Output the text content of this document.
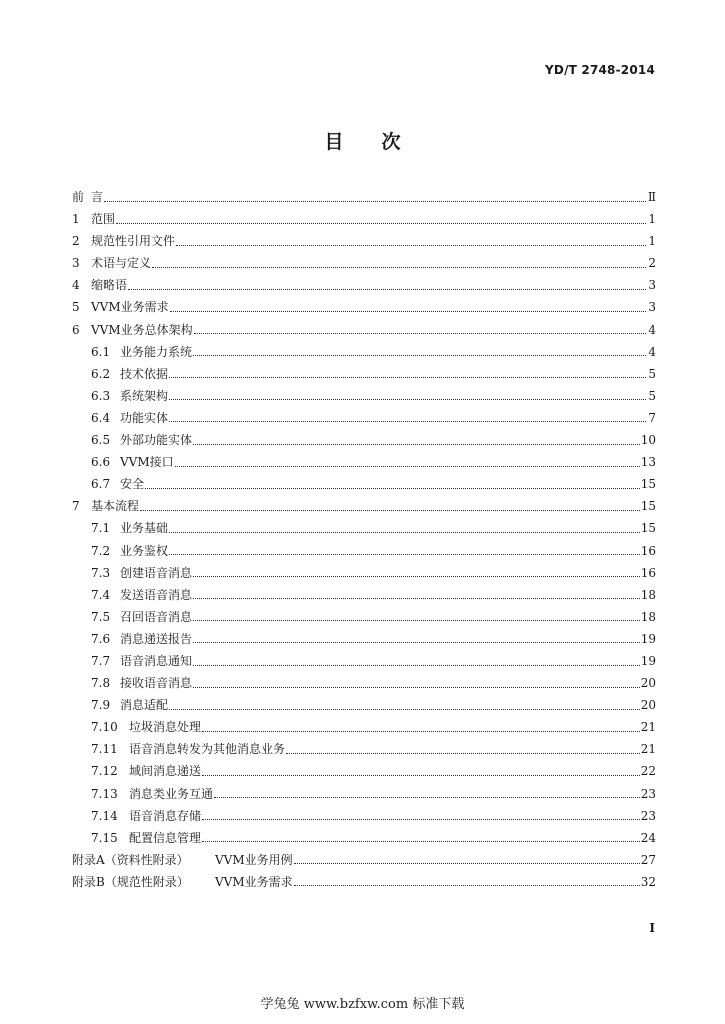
YD/T 2748-2014
目 次
前 言	Ⅱ
1 范围	1
2 规范性引用文件	1
3 术语与定义	2
4 缩略语	3
5 VVM业务需求	3
6 VVM业务总体架构	4
6.1 业务能力系统	4
6.2 技术依据	5
6.3 系统架构	5
6.4 功能实体	7
6.5 外部功能实体	10
6.6 VVM接口	13
6.7 安全	15
7 基本流程	15
7.1 业务基础	15
7.2 业务鉴权	16
7.3 创建语音消息	16
7.4 发送语音消息	18
7.5 召回语音消息	18
7.6 消息递送报告	19
7.7 语音消息通知	19
7.8 接收语音消息	20
7.9 消息适配	20
7.10 垃圾消息处理	21
7.11 语音消息转发为其他消息业务	21
7.12 域间消息递送	22
7.13 消息类业务互通	23
7.14 语音消息存储	23
7.15 配置信息管理	24
附录A（资料性附录）	VVM业务用例	27
附录B（规范性附录）	VVM业务需求	32
I
学兔兔 www.bzfxw.com 标准下载
